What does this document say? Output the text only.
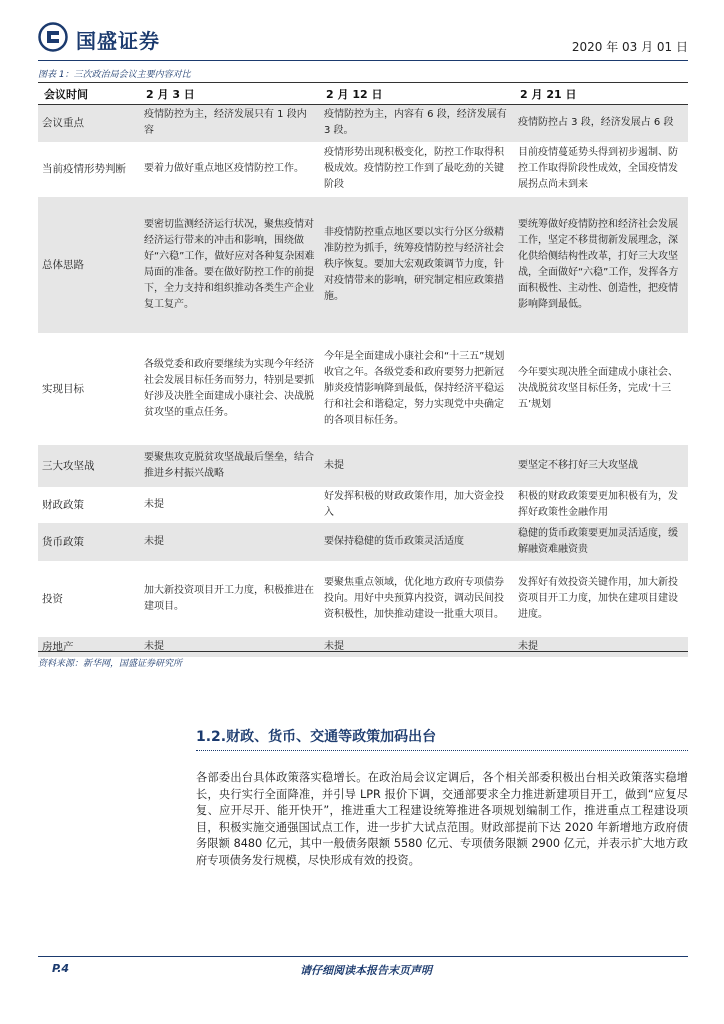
国盛证券	2020 年 03 月 01 日
图表 1：三次政治局会议主要内容对比
会议时间	2 月 3 日	2 月 12 日	2 月 21 日
会议重点	疫情防控为主，经济发展只有 1 段内容	疫情防控为主，内容有 6 段，经济发展有 3 段。	疫情防控占 3 段，经济发展占 6 段
当前疫情形势判断	要着力做好重点地区疫情防控工作。	疫情形势出现积极变化，防控工作取得积极成效。疫情防控工作到了最吃劲的关键阶段	目前疫情蔓延势头得到初步遏制、防控工作取得阶段性成效，全国疫情发展拐点尚未到来
总体思路	要密切监测经济运行状况，聚焦疫情对经济运行带来的冲击和影响，围绕做好“六稳”工作，做好应对各种复杂困难局面的准备。要在做好防控工作的前提下，全力支持和组织推动各类生产企业复工复产。	非疫情防控重点地区要以实行分区分级精准防控为抓手，统筹疫情防控与经济社会秩序恢复。要加大宏观政策调节力度，针对疫情带来的影响，研究制定相应政策措施。	要统筹做好疫情防控和经济社会发展工作，坚定不移贯彻新发展理念，深化供给侧结构性改革，打好三大攻坚战，全面做好“六稳”工作，发挥各方面积极性、主动性、创造性，把疫情影响降到最低。
实现目标	各级党委和政府要继续为实现今年经济社会发展目标任务而努力，特别是要抓好涉及决胜全面建成小康社会、决战脱贫攻坚的重点任务。	今年是全面建成小康社会和“十三五”规划收官之年。各级党委和政府要努力把新冠肺炎疫情影响降到最低，保持经济平稳运行和社会和谐稳定，努力实现党中央确定的各项目标任务。	今年要实现决胜全面建成小康社会、决战脱贫攻坚目标任务，完成‘十三五’规划
三大攻坚战	要聚焦攻克脱贫攻坚战最后堡垒，结合推进乡村振兴战略	未提	要坚定不移打好三大攻坚战
财政政策	未提	好发挥积极的财政政策作用，加大资金投入	积极的财政政策要更加积极有为，发挥好政策性金融作用
货币政策	未提	要保持稳健的货币政策灵活适度	稳健的货币政策要更加灵活适度，缓解融资难融资贵
投资	加大新投资项目开工力度，积极推进在建项目。	要聚焦重点领域，优化地方政府专项债券投向。用好中央预算内投资，调动民间投资积极性，加快推动建设一批重大项目。	发挥好有效投资关键作用，加大新投资项目开工力度，加快在建项目建设进度。
房地产	未提	未提	未提
资料来源：新华网，国盛证券研究所
1.2.财政、货币、交通等政策加码出台
各部委出台具体政策落实稳增长。在政治局会议定调后，各个相关部委积极出台相关政策落实稳增长，央行实行全面降准，并引导 LPR 报价下调，交通部要求全力推进新建项目开工，做到“应复尽复、应开尽开、能开快开”，推进重大工程建设统筹推进各项规划编制工作，推进重点工程建设项目，积极实施交通强国试点工作，进一步扩大试点范围。财政部提前下达 2020 年新增地方政府债务限额 8480 亿元，其中一般债务限额 5580 亿元、专项债务限额 2900 亿元，并表示扩大地方政府专项债务发行规模，尽快形成有效的投资。
P.4	请仔细阅读本报告末页声明
